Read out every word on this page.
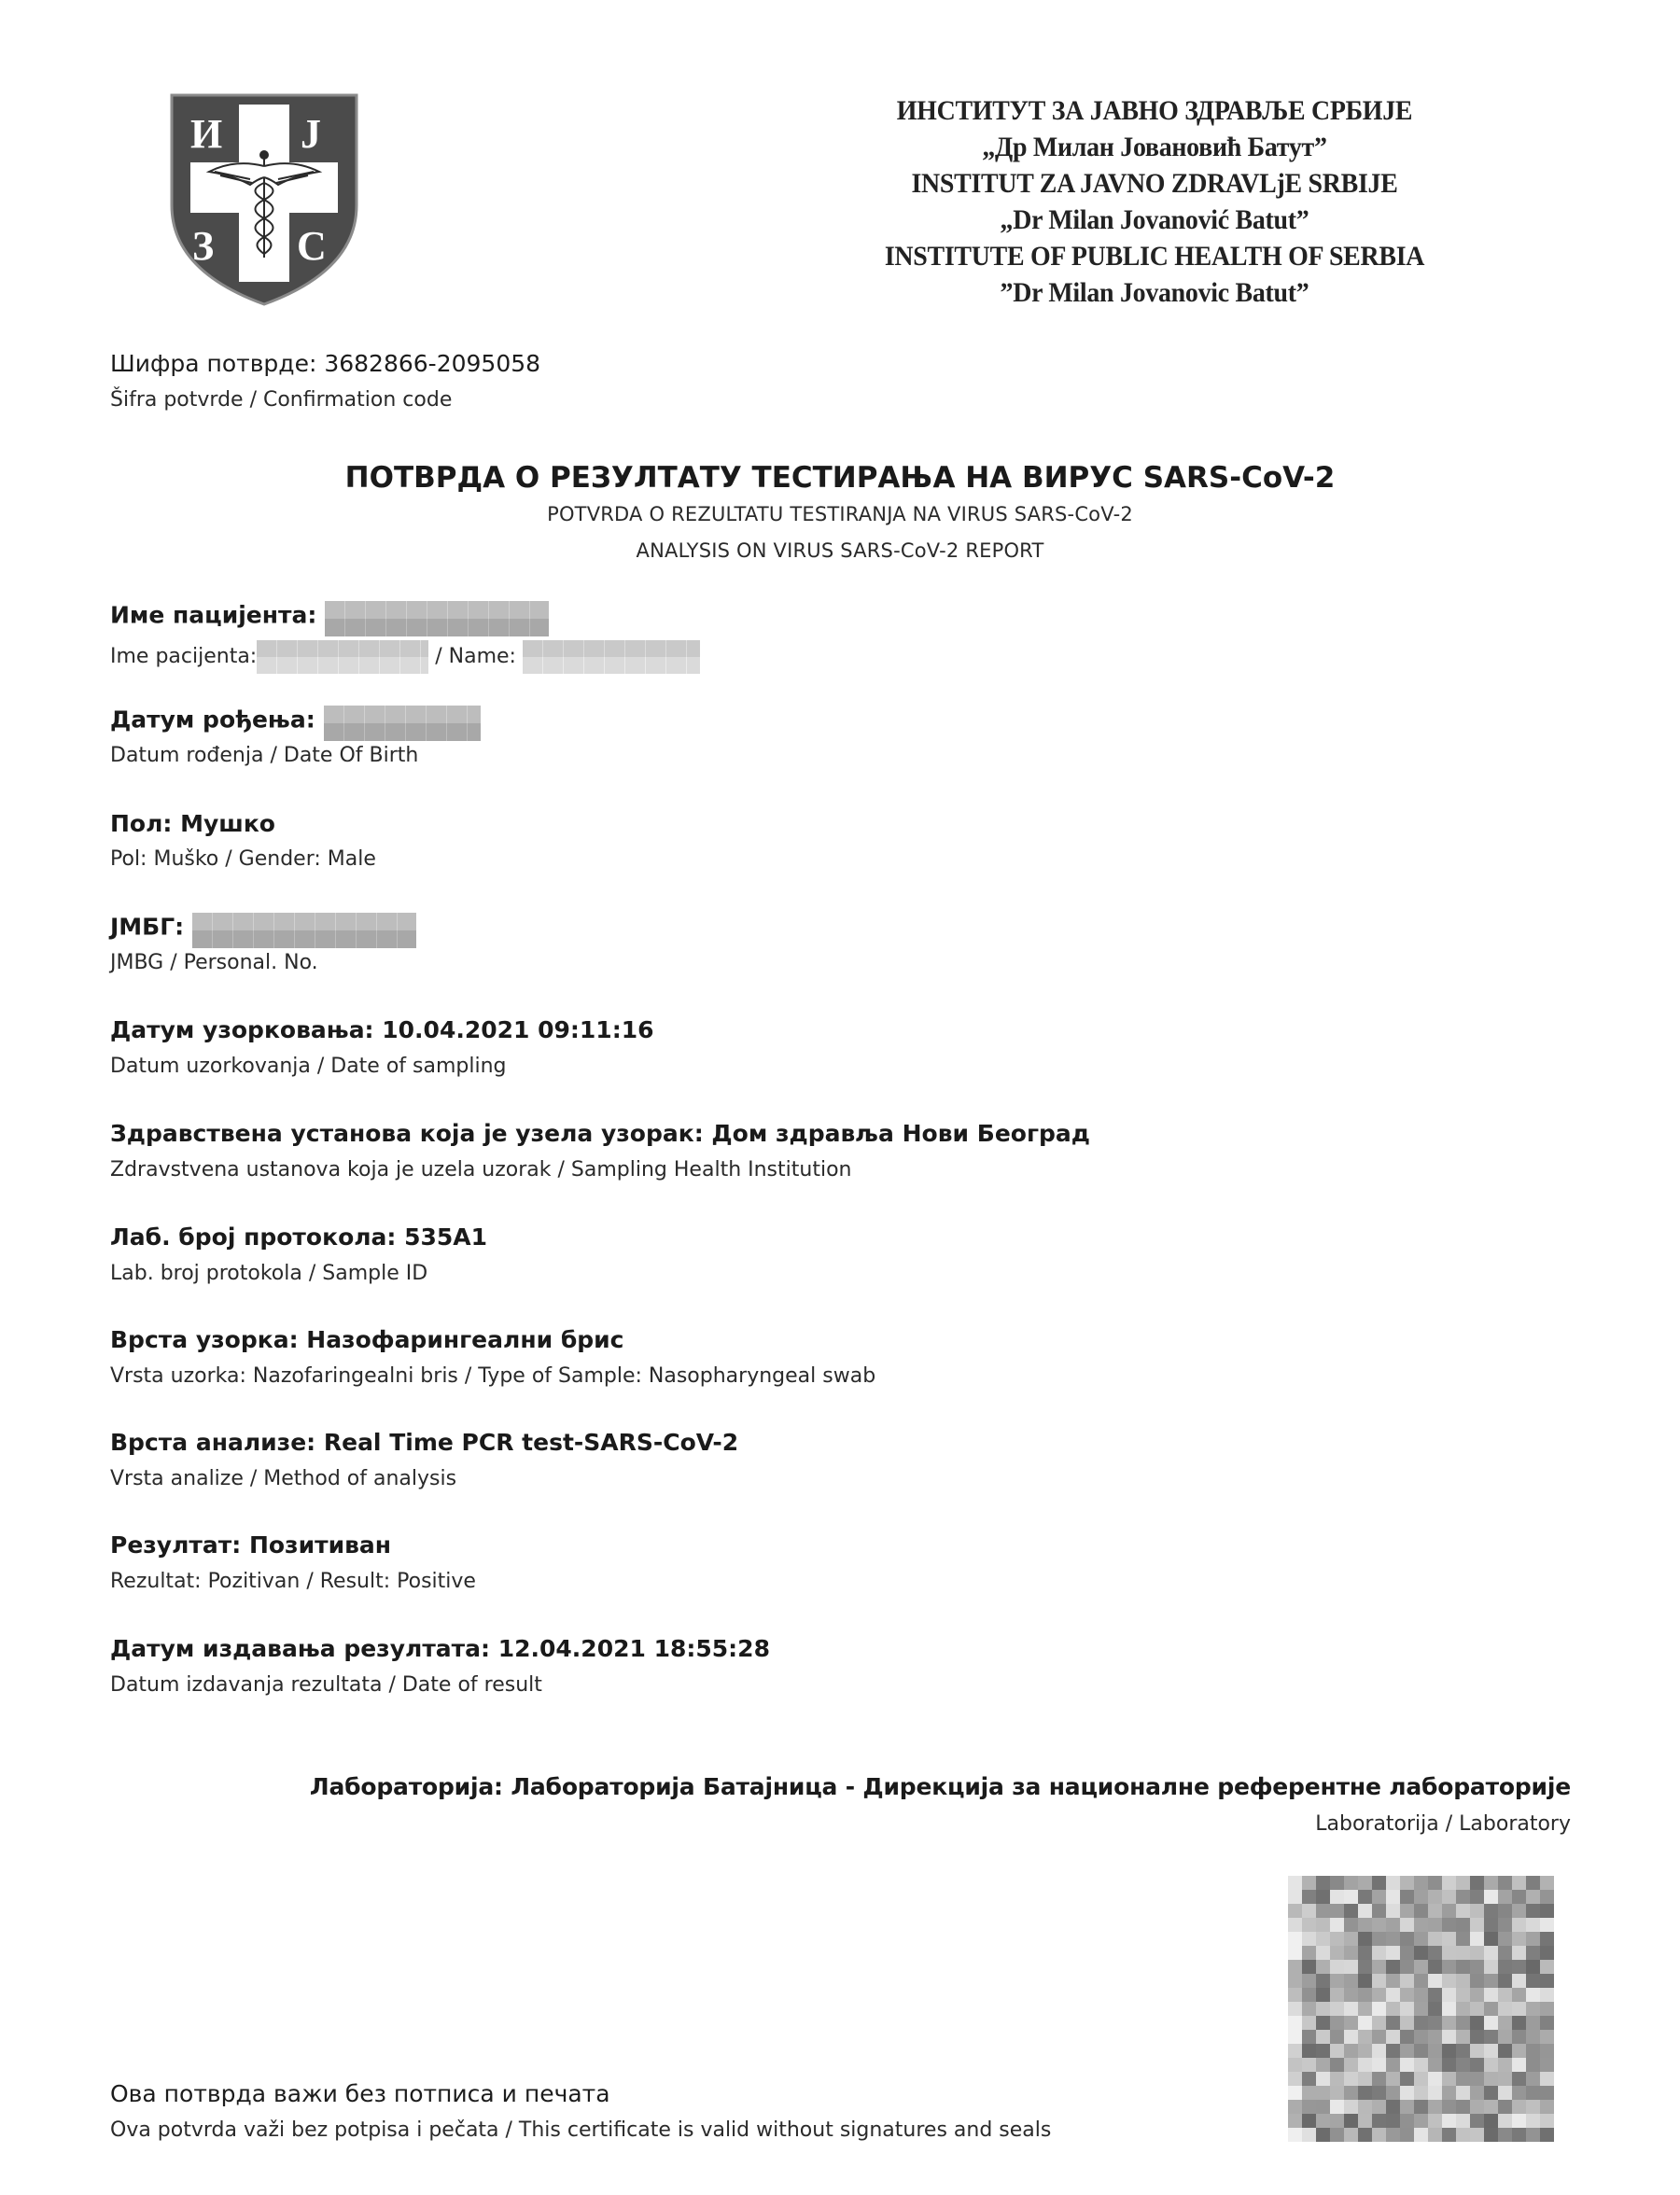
И Ј
З С
ИНСТИТУТ ЗА ЈАВНО ЗДРАВЉЕ СРБИЈЕ
„Др Милан Јовановић Батут”
INSTITUT ZA JAVNO ZDRAVLjE SRBIJE
„Dr Milan Jovanović Batut”
INSTITUTE OF PUBLIC HEALTH OF SERBIA
”Dr Milan Jovanovic Batut”
Шифра потврде: 3682866-2095058
Šifra potvrde / Confirmation code
ПОТВРДА О РЕЗУЛТАТУ ТЕСТИРАЊА НА ВИРУС SARS-CoV-2
POTVRDA O REZULTATU TESTIRANJA NA VIRUS SARS-CoV-2
ANALYSIS ON VIRUS SARS-CoV-2 REPORT
Име пацијента:
Ime pacijenta:	/ Name:
Датум рођења:
Datum rođenja / Date Of Birth
Пол: Мушко
Pol: Muško / Gender: Male
ЈМБГ:
JMBG / Personal. No.
Датум узорковања: 10.04.2021 09:11:16
Datum uzorkovanja / Date of sampling
Здравствена установа која је узела узорак: Дом здравља Нови Београд
Zdravstvena ustanova koja je uzela uzorak / Sampling Health Institution
Лаб. број протокола: 535A1
Lab. broj protokola / Sample ID
Врста узорка: Назофарингеални брис
Vrsta uzorka: Nazofaringealni bris / Type of Sample: Nasopharyngeal swab
Врста анализе: Real Time PCR test-SARS-CoV-2
Vrsta analize / Method of analysis
Резултат: Позитиван
Rezultat: Pozitivan / Result: Positive
Датум издавања резултата: 12.04.2021 18:55:28
Datum izdavanja rezultata / Date of result
Лабораторија: Лабораторија Батајница - Дирекција за националне референтне лабораторије
Laboratorija / Laboratory
Ова потврда важи без потписа и печата
Ova potvrda važi bez potpisa i pečata / This certificate is valid without signatures and seals
